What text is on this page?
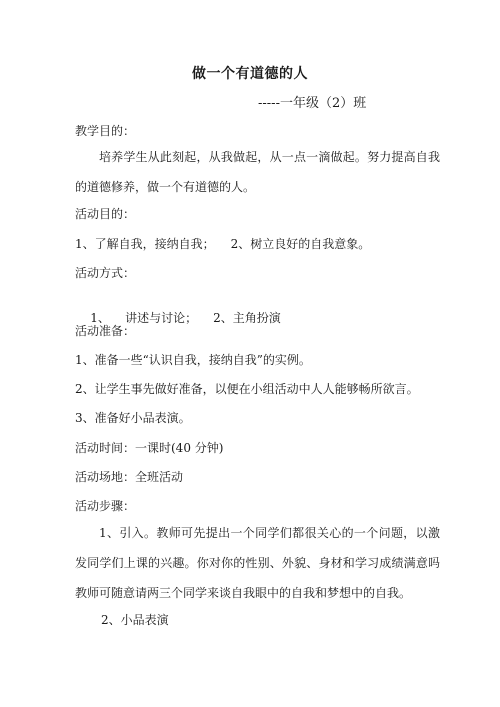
做一个有道德的人
-----一年级（2）班
教学目的：
培养学生从此刻起，从我做起，从一点一滴做起。努力提高自我的道德修养，做一个有道德的人。
活动目的：
1、了解自我，接纳自我； 2、树立良好的自我意象。
活动方式：

1、    讲述与讨论； 2、主角扮演

活动准备：
1、准备一些“认识自我，接纳自我”的实例。
2、让学生事先做好准备，以便在小组活动中人人能够畅所欲言。
3、准备好小品表演。
活动时间：一课时(40 分钟)
活动场地：全班活动
活动步骤：
1、引入。教师可先提出一个同学们都很关心的一个问题，以激发同学们上课的兴趣。你对你的性别、外貌、身材和学习成绩满意吗教师可随意请两三个同学来谈自我眼中的自我和梦想中的自我。
2、小品表演
